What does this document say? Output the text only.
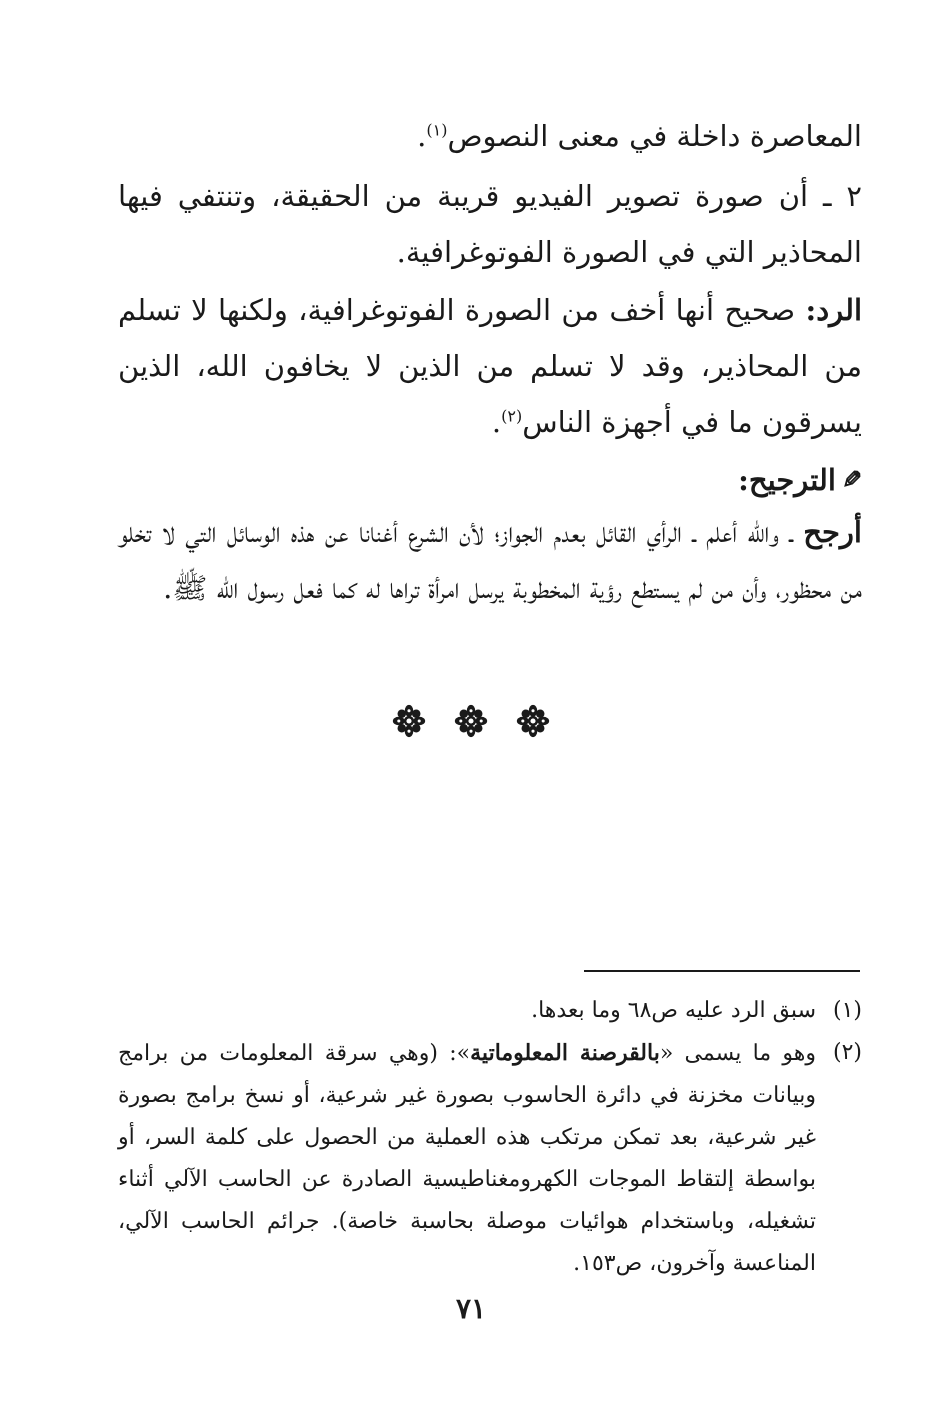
المعاصرة داخلة في معنى النصوص$^{(١)}$.

٢ ـ أن صورة تصوير الفيديو قريبة من الحقيقة، وتنتفي فيها المحاذير التي في الصورة الفوتوغرافية.

الرد: صحيح أنها أخف من الصورة الفوتوغرافية، ولكنها لا تسلم من المحاذير، وقد لا تسلم من الذين لا يخافون الله، الذين يسرقون ما في أجهزة الناس$^{(٢)}$.

✎
الترجيح:

أرجح ـ والله أعلم ـ الرأي القائل بعدم الجواز؛ لأن الشرع أغنانا عن هذه الوسائل التي لا تخلو من محظور، وأن من لم يستطع رؤية المخطوبة يرسل امرأة تراها له كما فعل رسول الله ﷺ.

(١)
سبق الرد عليه ص٦٨ وما بعدها.

(٢)
وهو ما يسمى «بالقرصنة المعلوماتية»: (وهي سرقة المعلومات من برامج وبيانات مخزنة في دائرة الحاسوب بصورة غير شرعية، أو نسخ برامج بصورة غير شرعية، بعد تمكن مرتكب هذه العملية من الحصول على كلمة السر، أو بواسطة إلتقاط الموجات الكهرومغناطيسية الصادرة عن الحاسب الآلي أثناء تشغيله، وباستخدام هوائيات موصلة بحاسبة خاصة). جرائم الحاسب الآلي، المناعسة وآخرون، ص١٥٣.

٧١
